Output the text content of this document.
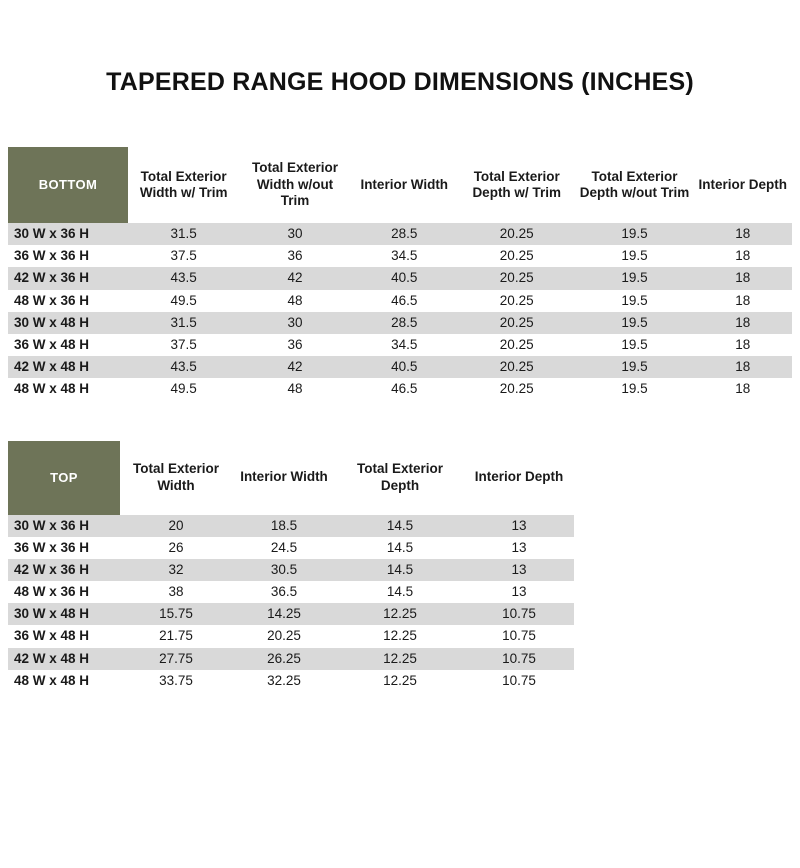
TAPERED RANGE HOOD DIMENSIONS (INCHES)
BOTTOM	Total Exterior Width w/ Trim	Total Exterior Width w/out Trim	Interior Width	Total Exterior Depth w/ Trim	Total Exterior Depth w/out Trim	Interior Depth
30 W x 36 H	31.5	30	28.5	20.25	19.5	18
36 W x 36 H	37.5	36	34.5	20.25	19.5	18
42 W x 36 H	43.5	42	40.5	20.25	19.5	18
48 W x 36 H	49.5	48	46.5	20.25	19.5	18
30 W x 48 H	31.5	30	28.5	20.25	19.5	18
36 W x 48 H	37.5	36	34.5	20.25	19.5	18
42 W x 48 H	43.5	42	40.5	20.25	19.5	18
48 W x 48 H	49.5	48	46.5	20.25	19.5	18
TOP	Total Exterior Width	Interior Width	Total Exterior Depth	Interior Depth
30 W x 36 H	20	18.5	14.5	13
36 W x 36 H	26	24.5	14.5	13
42 W x 36 H	32	30.5	14.5	13
48 W x 36 H	38	36.5	14.5	13
30 W x 48 H	15.75	14.25	12.25	10.75
36 W x 48 H	21.75	20.25	12.25	10.75
42 W x 48 H	27.75	26.25	12.25	10.75
48 W x 48 H	33.75	32.25	12.25	10.75
